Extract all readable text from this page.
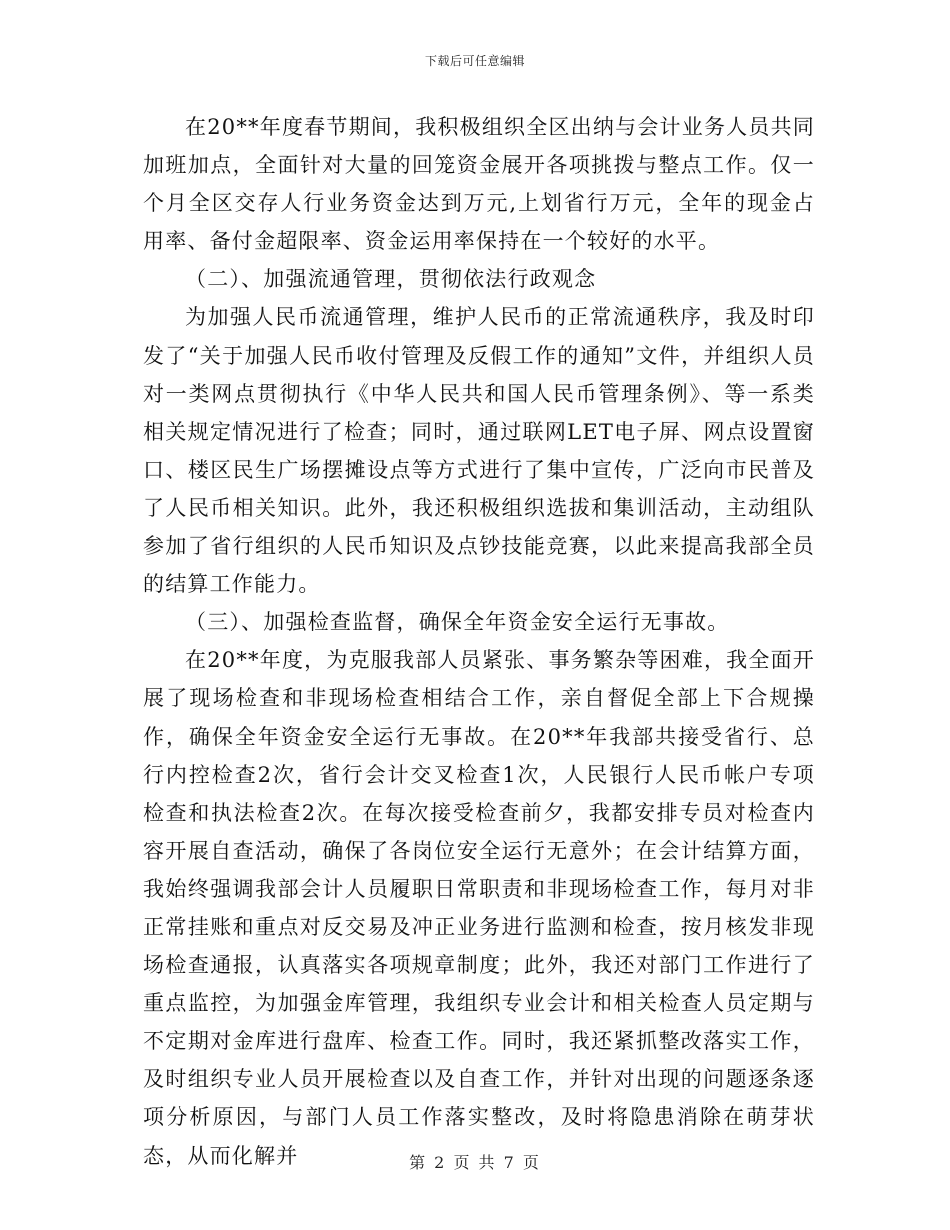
下载后可任意编辑

在20**年度春节期间，我积极组织全区出纳与会计业务人员共同加班加点，全面针对大量的回笼资金展开各项挑拨与整点工作。仅一个月全区交存人行业务资金达到万元,上划省行万元，全年的现金占用率、备付金超限率、资金运用率保持在一个较好的水平。

（二）、加强流通管理，贯彻依法行政观念

为加强人民币流通管理，维护人民币的正常流通秩序，我及时印发了“关于加强人民币收付管理及反假工作的通知”文件，并组织人员对一类网点贯彻执行《中华人民共和国人民币管理条例》、等一系类相关规定情况进行了检查；同时，通过联网LET电子屏、网点设置窗口、楼区民生广场摆摊设点等方式进行了集中宣传，广泛向市民普及了人民币相关知识。此外，我还积极组织选拔和集训活动，主动组队参加了省行组织的人民币知识及点钞技能竞赛，以此来提高我部全员的结算工作能力。

（三）、加强检查监督，确保全年资金安全运行无事故。

在20**年度，为克服我部人员紧张、事务繁杂等困难，我全面开展了现场检查和非现场检查相结合工作，亲自督促全部上下合规操作，确保全年资金安全运行无事故。在20**年我部共接受省行、总行内控检查2次，省行会计交叉检查1次，人民银行人民币帐户专项检查和执法检查2次。在每次接受检查前夕，我都安排专员对检查内容开展自查活动，确保了各岗位安全运行无意外；在会计结算方面，我始终强调我部会计人员履职日常职责和非现场检查工作，每月对非正常挂账和重点对反交易及冲正业务进行监测和检查，按月核发非现场检查通报，认真落实各项规章制度；此外，我还对部门工作进行了重点监控，为加强金库管理，我组织专业会计和相关检查人员定期与不定期对金库进行盘库、检查工作。同时，我还紧抓整改落实工作，及时组织专业人员开展检查以及自查工作，并针对出现的问题逐条逐项分析原因，与部门人员工作落实整改，及时将隐患消除在萌芽状态，从而化解并	第 2 页 共 7 页
